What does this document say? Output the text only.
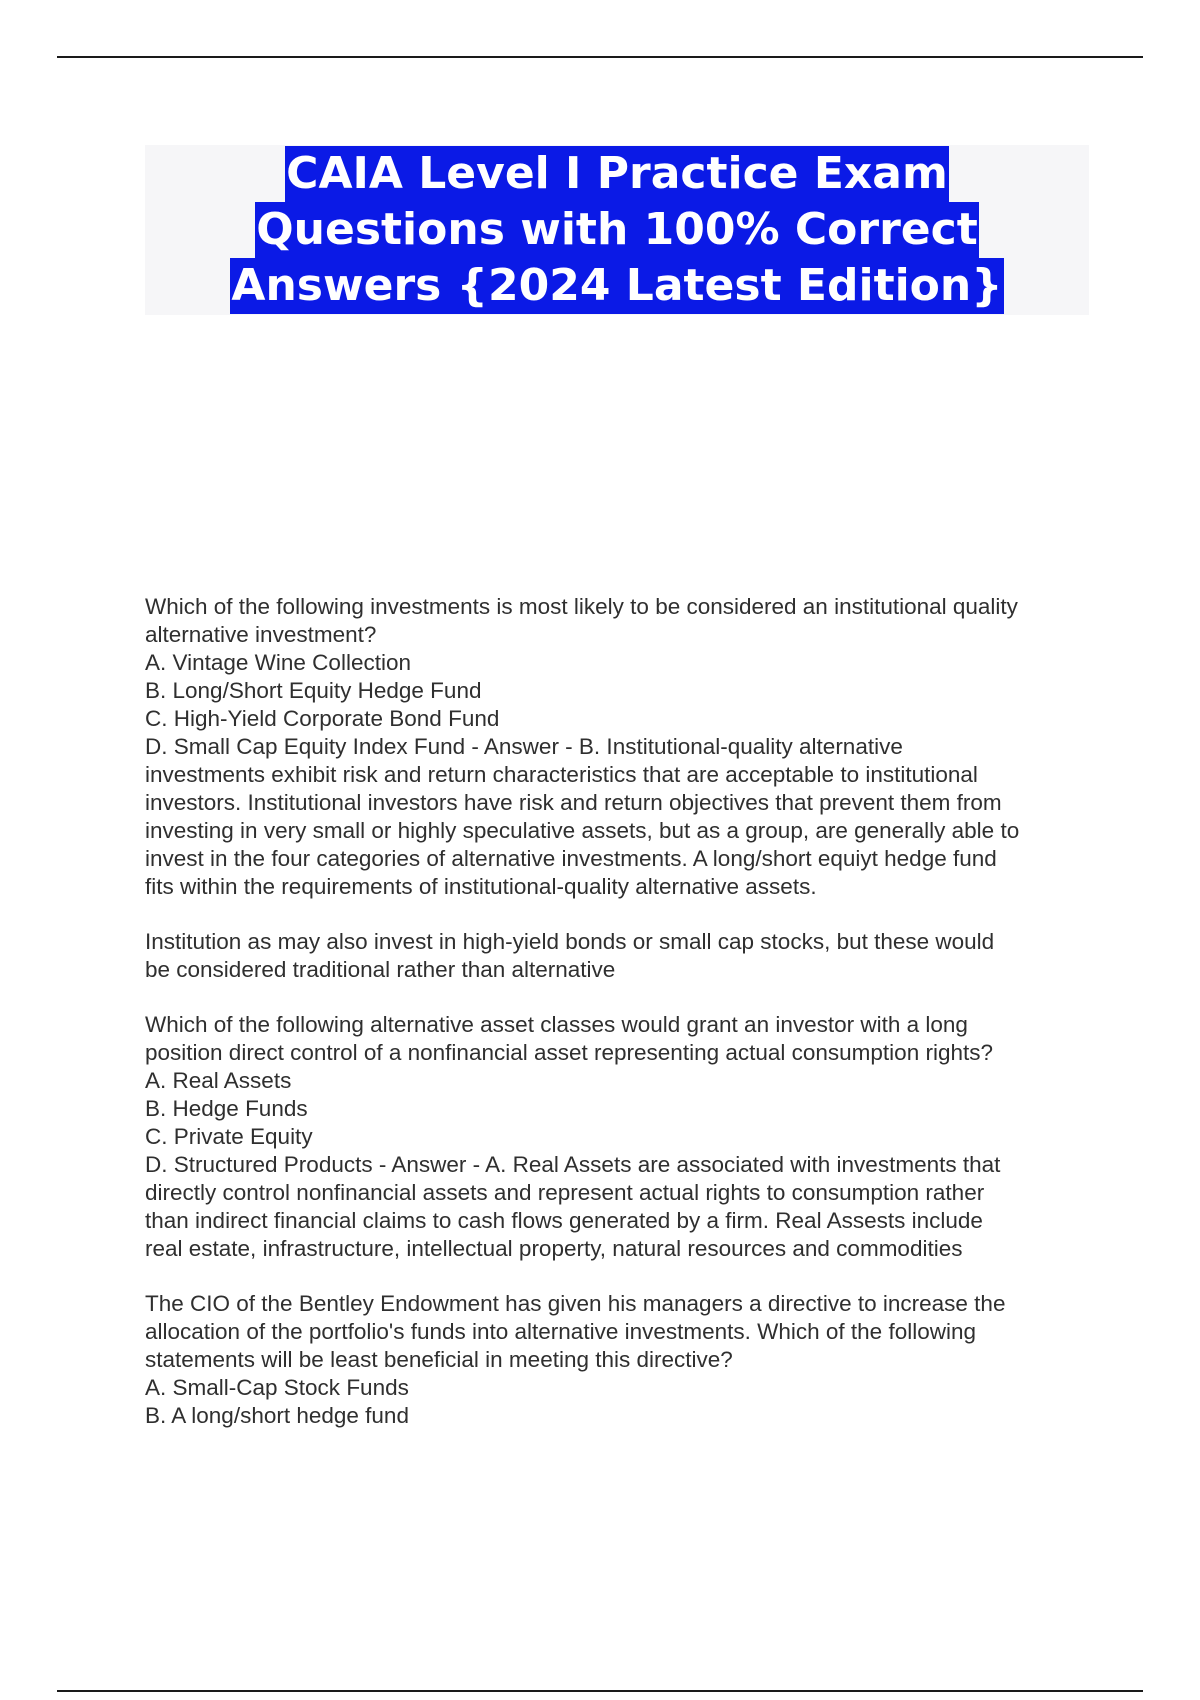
CAIA Level I Practice Exam
Questions with 100% Correct
Answers {2024 Latest Edition}
Which of the following investments is most likely to be considered an institutional quality
alternative investment?
A. Vintage Wine Collection
B. Long/Short Equity Hedge Fund
C. High-Yield Corporate Bond Fund
D. Small Cap Equity Index Fund - Answer - B. Institutional-quality alternative
investments exhibit risk and return characteristics that are acceptable to institutional
investors. Institutional investors have risk and return objectives that prevent them from
investing in very small or highly speculative assets, but as a group, are generally able to
invest in the four categories of alternative investments. A long/short equiyt hedge fund
fits within the requirements of institutional-quality alternative assets.
Institution as may also invest in high-yield bonds or small cap stocks, but these would
be considered traditional rather than alternative
Which of the following alternative asset classes would grant an investor with a long
position direct control of a nonfinancial asset representing actual consumption rights?
A. Real Assets
B. Hedge Funds
C. Private Equity
D. Structured Products - Answer - A. Real Assets are associated with investments that
directly control nonfinancial assets and represent actual rights to consumption rather
than indirect financial claims to cash flows generated by a firm. Real Assests include
real estate, infrastructure, intellectual property, natural resources and commodities
The CIO of the Bentley Endowment has given his managers a directive to increase the
allocation of the portfolio's funds into alternative investments. Which of the following
statements will be least beneficial in meeting this directive?
A. Small-Cap Stock Funds
B. A long/short hedge fund
